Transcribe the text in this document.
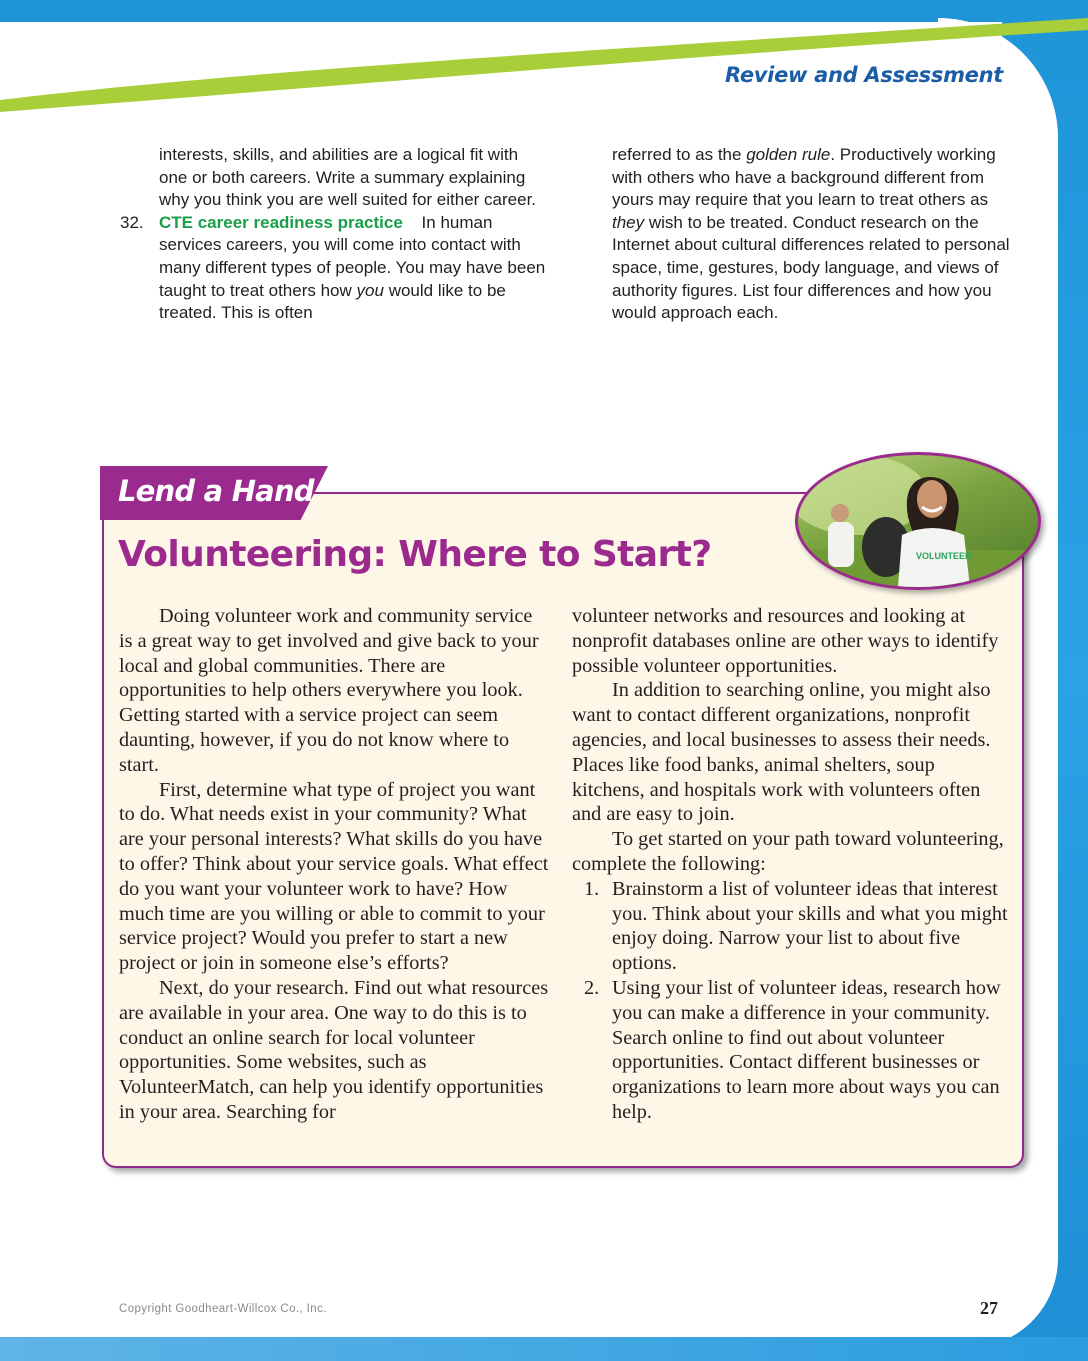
Review and Assessment

interests, skills, and abilities are a logical fit with one or both careers. Write a summary explaining why you think you are well suited for either career.

32. CTE career readiness practice In human services careers, you will come into contact with many different types of people. You may have been taught to treat others how you would like to be treated. This is often

referred to as the golden rule. Productively working with others who have a background different from yours may require that you learn to treat others as they wish to be treated. Conduct research on the Internet about cultural differences related to personal space, time, gestures, body language, and views of authority figures. List four differences and how you would approach each.

Lend a Hand
Volunteering: Where to Start?	VOLUNTEER

Doing volunteer work and community service is a great way to get involved and give back to your local and global communities. There are opportunities to help others everywhere you look. Getting started with a service project can seem daunting, however, if you do not know where to start.

First, determine what type of project you want to do. What needs exist in your community? What are your personal interests? What skills do you have to offer? Think about your service goals. What effect do you want your volunteer work to have? How much time are you willing or able to commit to your service project? Would you prefer to start a new project or join in someone else’s efforts?

Next, do your research. Find out what resources are available in your area. One way to do this is to conduct an online search for local volunteer opportunities. Some websites, such as VolunteerMatch, can help you identify opportunities in your area. Searching for

volunteer networks and resources and looking at nonprofit databases online are other ways to identify possible volunteer opportunities.

In addition to searching online, you might also want to contact different organizations, nonprofit agencies, and local businesses to assess their needs. Places like food banks, animal shelters, soup kitchens, and hospitals work with volunteers often and are easy to join.

To get started on your path toward volunteering, complete the following:

1. Brainstorm a list of volunteer ideas that interest you. Think about your skills and what you might enjoy doing. Narrow your list to about five options.
2. Using your list of volunteer ideas, research how you can make a difference in your community. Search online to find out about volunteer opportunities. Contact different businesses or organizations to learn more about ways you can help.

Copyright Goodheart-Willcox Co., Inc.	27
